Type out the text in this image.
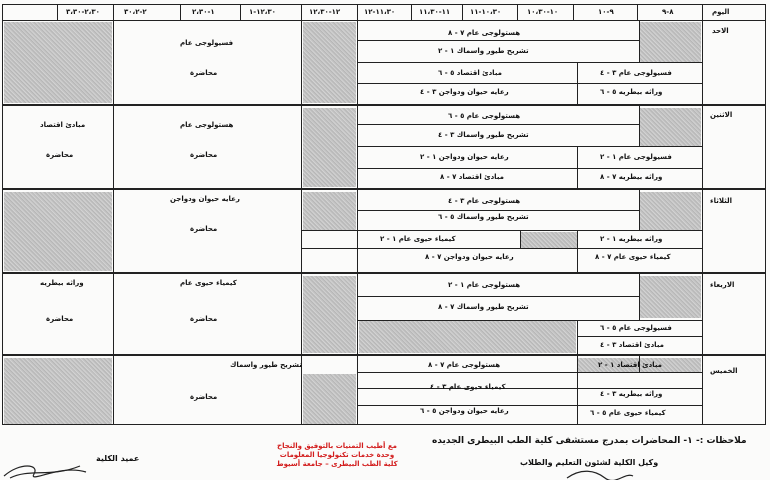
اليوم
٨-٩
٩-١٠
١٠-١٠،٣٠
١٠،٣٠-١١
١١-١١،٣٠
١١،٣٠-١٢
١٢-١٢،٣٠
١٢،٣٠-١
١-٢،٣٠
٢-٣٠،٢
٢،٣٠-٣،٣٠
الاحد
هستولوجى عام ٧ - ٨
تشريح طيور واسماك ١ - ٢
مبادئ اقتصاد ٥ - ٦
رعايه حيوان ودواجن ٣ - ٤
فسيولوجى عام ٣ - ٤
وراثه بيطريه ٥ - ٦
فسيولوجى عام
محاضرة
الاثنين
هستولوجى عام ٥ - ٦
تشريح طيور واسماك ٣ - ٤
رعايه حيوان ودواجن ١ - ٢
مبادئ اقتصاد ٧ - ٨
فسيولوجى عام ١ - ٢
وراثه بيطريه ٧ - ٨
هستولوجى عام
محاضرة
مبادئ اقتصاد
محاضرة
الثلاثاء
هستولوجى عام ٣ - ٤
تشريح طيور واسماك ٥ - ٦
كيمياء حيوى عام ١ - ٢
رعايه حيوان ودواجن ٧ - ٨
وراثه بيطريه ١ - ٢
كيمياء حيوى عام ٧ - ٨
رعايه حيوان ودواجن
محاضرة
الاربعاء
هستولوجى عام ١ - ٢
تشريح طيور واسماك ٧ - ٨
فسيولوجى عام ٥ - ٦
مبادئ اقتصاد ٣ - ٤
كيمياء حيوى عام
محاضرة
وراثه بيطريه
محاضرة
الخميس
هستولوجى عام ٧ - ٨
كيمياء حيوى عام ٣ - ٤
رعايه حيوان ودواجن ٥ - ٦
مبادئ اقتصاد ١ - ٢
وراثه بيطريه ٣ - ٤
كيمياء حيوى عام ٥ - ٦
تشريح طيور واسماك
محاضرة
ملاحظات :-
١- المحاضرات بمدرج مستشفى كلية الطب البيطرى الجديده
مع أطيب التمنيات بالتوفيق والنجاح
وحدة خدمات تكنولوجيا المعلومات
كلية الطب البيطرى – جامعة أسيوط	وكيل الكلية لشئون التعليم والطلاب
عميد الكلية
